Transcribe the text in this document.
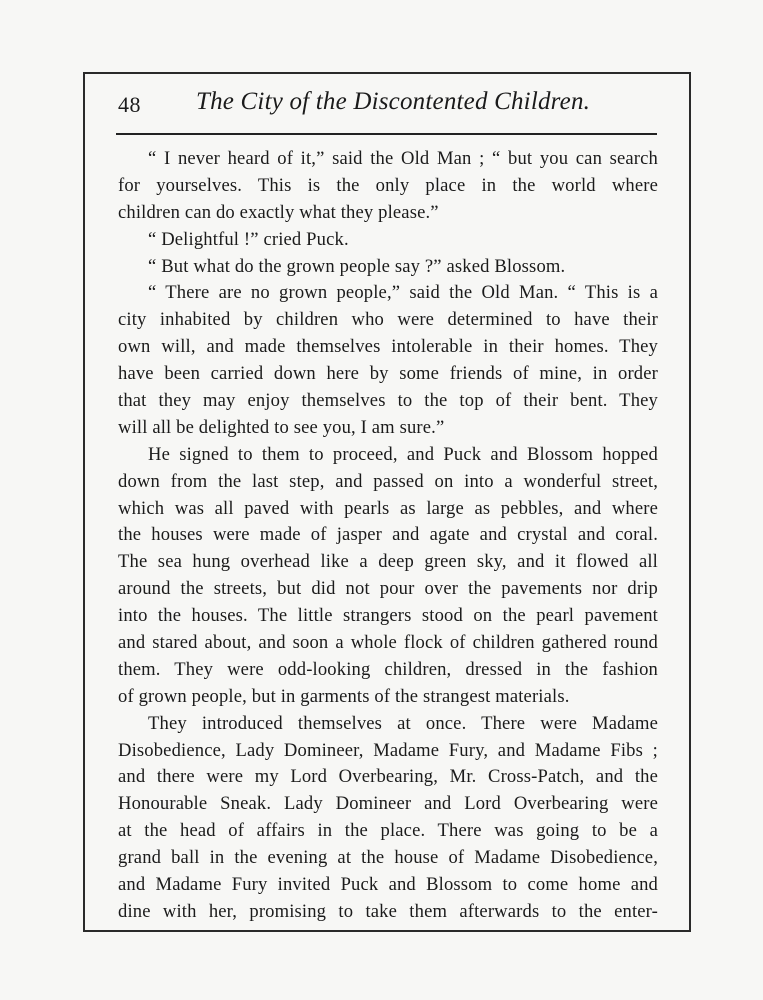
48 The City of the Discontented Children.
“ I never heard of it,” said the Old Man ; “ but you can search
for yourselves. This is the only place in the world where
children can do exactly what they please.”
“ Delightful !” cried Puck.
“ But what do the grown people say ?” asked Blossom.
“ There are no grown people,” said the Old Man. “ This is a
city inhabited by children who were determined to have their
own will, and made themselves intolerable in their homes. They
have been carried down here by some friends of mine, in order
that they may enjoy themselves to the top of their bent. They
will all be delighted to see you, I am sure.”
He signed to them to proceed, and Puck and Blossom hopped
down from the last step, and passed on into a wonderful street,
which was all paved with pearls as large as pebbles, and where
the houses were made of jasper and agate and crystal and coral.
The sea hung overhead like a deep green sky, and it flowed all
around the streets, but did not pour over the pavements nor drip
into the houses. The little strangers stood on the pearl pavement
and stared about, and soon a whole flock of children gathered round
them. They were odd-looking children, dressed in the fashion
of grown people, but in garments of the strangest materials.
They introduced themselves at once. There were Madame
Disobedience, Lady Domineer, Madame Fury, and Madame Fibs ;
and there were my Lord Overbearing, Mr. Cross-Patch, and the
Honourable Sneak. Lady Domineer and Lord Overbearing were
at the head of affairs in the place. There was going to be a
grand ball in the evening at the house of Madame Disobedience,
and Madame Fury invited Puck and Blossom to come home and
dine with her, promising to take them afterwards to the enter-
